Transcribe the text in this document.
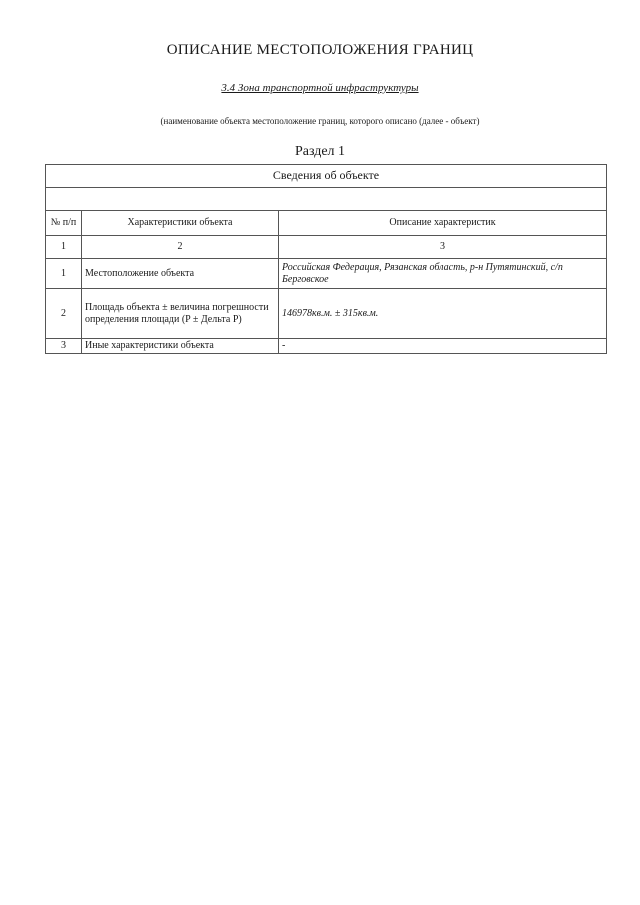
ОПИСАНИЕ МЕСТОПОЛОЖЕНИЯ ГРАНИЦ
3.4 Зона транспортной инфраструктуры
(наименование объекта местоположение границ, которого описано (далее - объект)
Раздел 1
Сведения об объекте		

№ п/п	Характеристики объекта	Описание характеристик
1	2	3
1	Местоположение объекта	Российская Федерация, Рязанская область, р-н Путятинский, с/п Берговское
2	Площадь объекта ± величина погрешности определения площади (P ± Дельта P)	146978кв.м. ± 315кв.м.
3	Иные характеристики объекта	-
